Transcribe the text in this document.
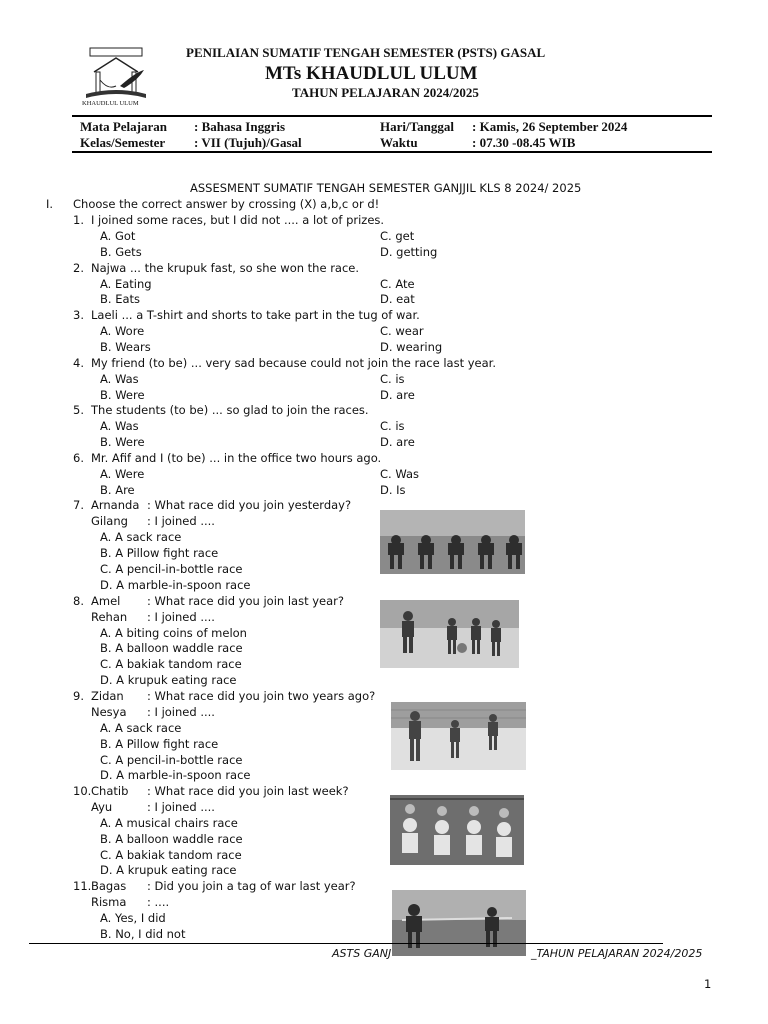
KHAUDLUL ULUM
PENILAIAN SUMATIF TENGAH SEMESTER (PSTS) GASAL
MTs KHAUDLUL ULUM
TAHUN PELAJARAN 2024/2025
Mata Pelajaran : Bahasa Inggris	Hari/Tanggal : Kamis, 26 September 2024
Kelas/Semester : VII (Tujuh)/Gasal	Waktu	: 07.30 -08.45 WIB
ASSESMENT SUMATIF TENGAH SEMESTER GANJJIL KLS 8 2024/ 2025
I. Choose the correct answer by crossing (X) a,b,c or d!
1. I joined some races, but I did not .... a lot of prizes.
A. Got	C. get
B. Gets	D. getting
2. Najwa ... the krupuk fast, so she won the race.
A. Eating	C. Ate
B. Eats	D. eat
3. Laeli ... a T-shirt and shorts to take part in the tug of war.
A. Wore	C. wear
B. Wears	D. wearing
4. My friend (to be) ... very sad because could not join the race last year.
A. Was	C. is
B. Were	D. are
5. The students (to be) ... so glad to join the races.
A. Was	C. is
B. Were	D. are
6. Mr. Afif and I (to be) ... in the office two hours ago.
A. Were	C. Was
B. Are	D. Is
7. Arnanda : What race did you join yesterday?
Gilang : I joined ....
A. A sack race
B. A Pillow fight race
C. A pencil-in-bottle race
D. A marble-in-spoon race
8. Amel : What race did you join last year?
Rehan : I joined ....
A. A biting coins of melon
B. A balloon waddle race
C. A bakiak tandom race
D. A krupuk eating race
9. Zidan : What race did you join two years ago?
Nesya : I joined ....
A. A sack race
B. A Pillow fight race
C. A pencil-in-bottle race
D. A marble-in-spoon race
10. Chatib : What race did you join last week?
Ayu	: I joined ....
A. A musical chairs race
B. A balloon waddle race
C. A bakiak tandom race
D. A krupuk eating race
11. Bagas : Did you join a tag of war last year?
Risma : ....
A. Yes, I did
B. No, I did not
ASTS GANJ	_TAHUN PELAJARAN 2024/2025
1
